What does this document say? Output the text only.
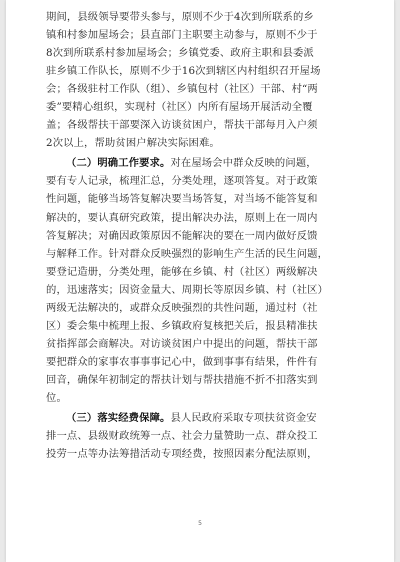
期间，县级领导要带头参与，原则不少于4次到所联系的乡
镇和村参加屋场会；县直部门主职要主动参与，原则不少于
8次到所联系村参加屋场会；乡镇党委、政府主职和县委派
驻乡镇工作队长，原则不少于16次到辖区内村组织召开屋场
会；各级驻村工作队（组）、乡镇包村（社区）干部、村“两
委”要精心组织，实现村（社区）内所有屋场开展活动全覆
盖；各级帮扶干部要深入访谈贫困户，帮扶干部每月入户须
2次以上，帮助贫困户解决实际困难。
（二）明确工作要求。对在屋场会中群众反映的问题，
要有专人记录，梳理汇总，分类处理，逐项答复。对于政策
性问题，能够当场答复解决要当场答复，对当场不能答复和
解决的，要认真研究政策，提出解决办法，原则上在一周内
答复解决；对确因政策原因不能解决的要在一周内做好反馈
与解释工作。针对群众反映强烈的影响生产生活的民生问题，
要登记造册，分类处理，能够在乡镇、村（社区）两级解决
的，迅速落实；因资金量大、周期长等原因乡镇、村（社区）
两级无法解决的，或群众反映强烈的共性问题，通过村（社
区）委会集中梳理上报、乡镇政府复核把关后，报县精准扶
贫指挥部会商解决。对访谈贫困户中提出的问题，帮扶干部
要把群众的家事农事事事记心中，做到事事有结果，件件有
回音，确保年初制定的帮扶计划与帮扶措施不折不扣落实到
位。
（三）落实经费保障。县人民政府采取专项扶贫资金安
排一点、县级财政统筹一点、社会力量赞助一点、群众投工
投劳一点等办法筹措活动专项经费，按照因素分配法原则，
5
